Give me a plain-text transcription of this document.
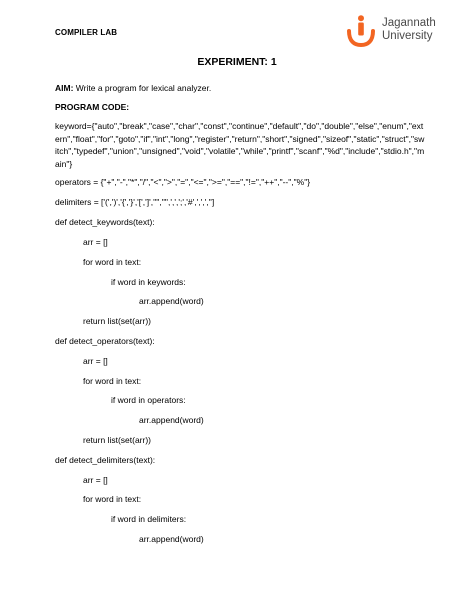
COMPILER LAB
Jagannath
University
EXPERIMENT: 1
AIM: Write a program for lexical analyzer.
PROGRAM CODE:
keyword={"auto","break","case","char","const","continue","default","do","double","else","enum","extern","float","for","goto","if","int","long","register","return","short","signed","sizeof","static","struct","switch","typedef","union","unsigned","void","volatile","while","printf","scanf","%d","include","stdio.h","main"}
operators = {"+","-","*","/","<",">","=","<=",">=","==","!=","++","--","%"}
delimiters = ['(',')','{','}','[',']','"','"',',',';','#',',',','']
def detect_keywords(text):
arr = []
for word in text:
if word in keywords:
arr.append(word)
return list(set(arr))
def detect_operators(text):
arr = []
for word in text:
if word in operators:
arr.append(word)
return list(set(arr))
def detect_delimiters(text):
arr = []
for word in text:
if word in delimiters:
arr.append(word)
